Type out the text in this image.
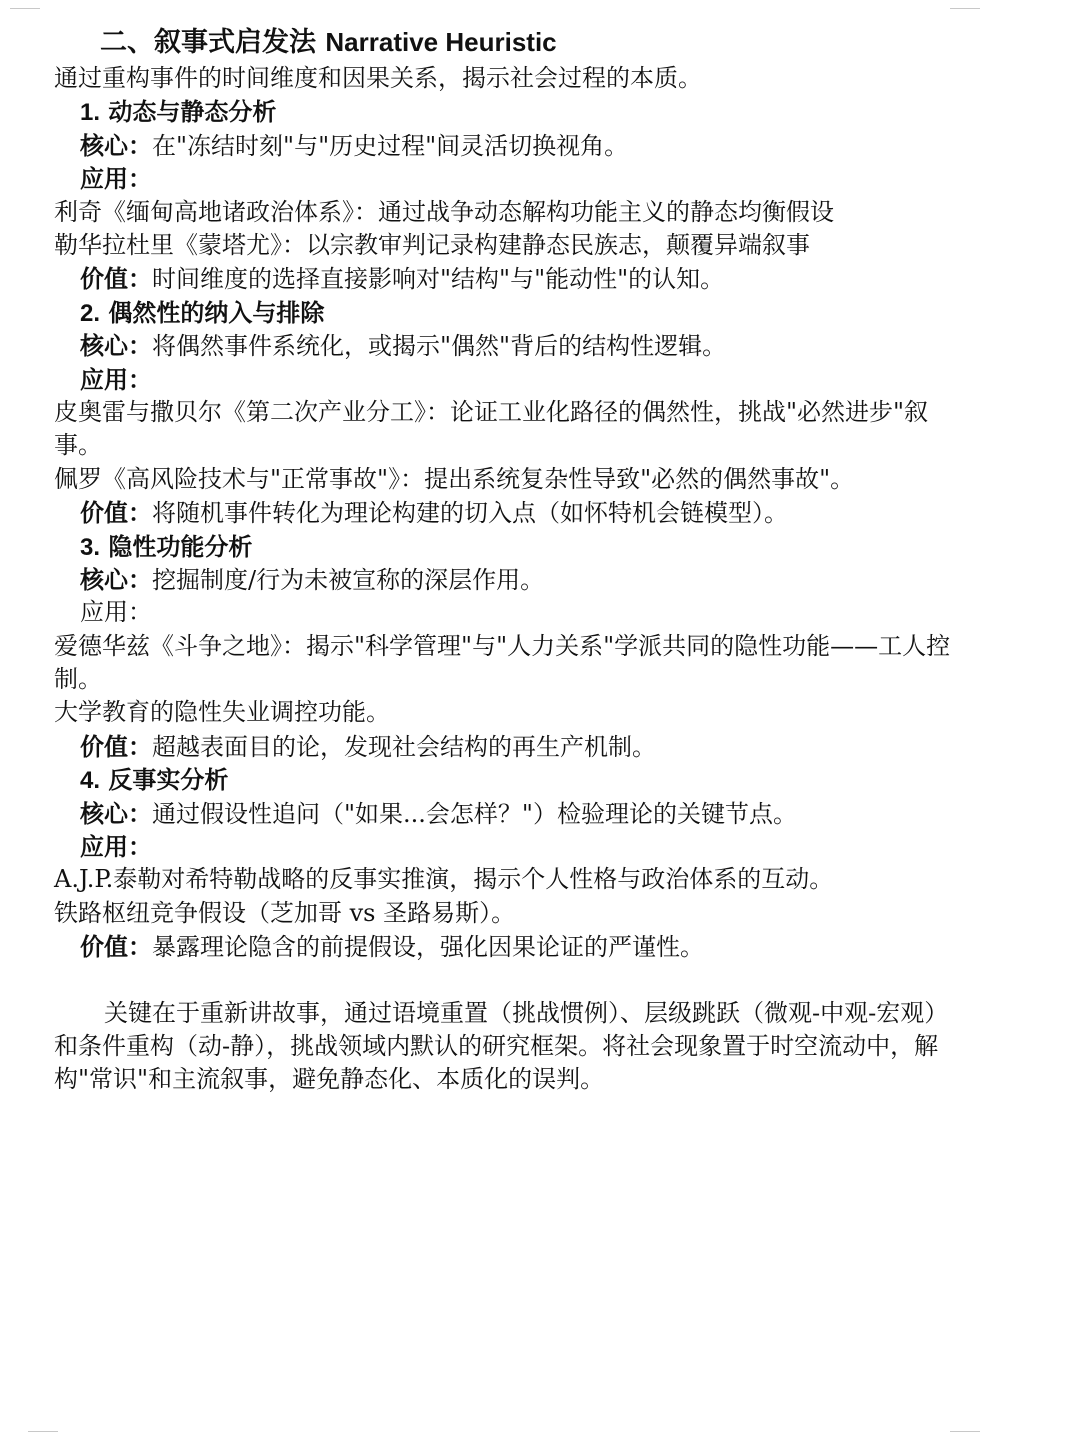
二、叙事式启发法 Narrative Heuristic
通过重构事件的时间维度和因果关系，揭示社会过程的本质。
1. 动态与静态分析
核心：在"冻结时刻"与"历史过程"间灵活切换视角。
应用：
利奇《缅甸高地诸政治体系》：通过战争动态解构功能主义的静态均衡假设
勒华拉杜里《蒙塔尤》：以宗教审判记录构建静态民族志，颠覆异端叙事
价值：时间维度的选择直接影响对"结构"与"能动性"的认知。
2. 偶然性的纳入与排除
核心：将偶然事件系统化，或揭示"偶然"背后的结构性逻辑。
应用：
皮奥雷与撒贝尔《第二次产业分工》：论证工业化路径的偶然性，挑战"必然进步"叙事。
佩罗《高风险技术与"正常事故"》：提出系统复杂性导致"必然的偶然事故"。
价值：将随机事件转化为理论构建的切入点（如怀特机会链模型）。
3. 隐性功能分析
核心：挖掘制度/行为未被宣称的深层作用。
应用：
爱德华兹《斗争之地》：揭示"科学管理"与"人力关系"学派共同的隐性功能——工人控制。
大学教育的隐性失业调控功能。
价值：超越表面目的论，发现社会结构的再生产机制。
4. 反事实分析
核心：通过假设性追问（"如果...会怎样？"）检验理论的关键节点。
应用：
A.J.P.泰勒对希特勒战略的反事实推演，揭示个人性格与政治体系的互动。
铁路枢纽竞争假设（芝加哥 vs 圣路易斯）。
价值：暴露理论隐含的前提假设，强化因果论证的严谨性。
关键在于重新讲故事，通过语境重置（挑战惯例）、层级跳跃（微观-中观-宏观）和条件重构（动-静），挑战领域内默认的研究框架。将社会现象置于时空流动中，解构"常识"和主流叙事，避免静态化、本质化的误判。
